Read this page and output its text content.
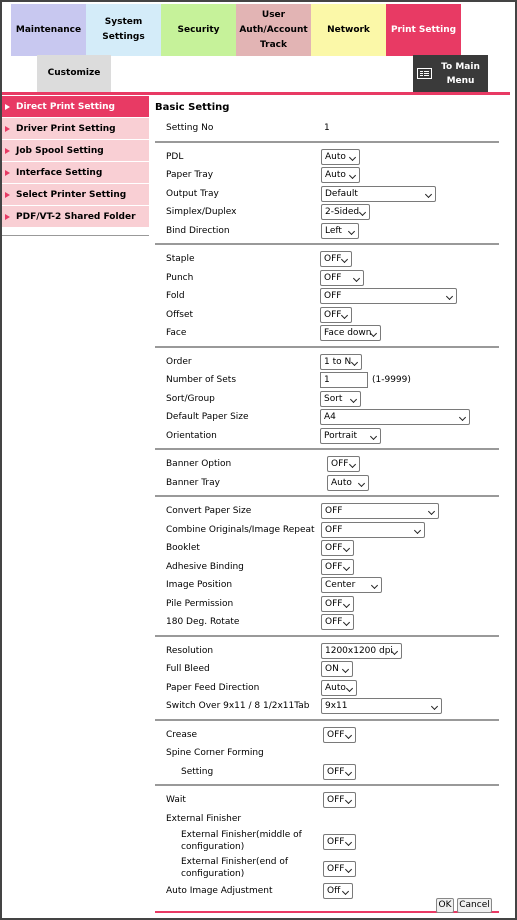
Maintenance
System Settings
Security
User Auth/Account Track
Network	Print Setting
Customize
To Main Menu
Direct Print Setting
Driver Print Setting
Job Spool Setting
Interface Setting
Select Printer Setting
PDF/VT-2 Shared Folder
Basic Setting
Setting No	1
PDL	Auto
Paper Tray	Auto
Output Tray	Default
Simplex/Duplex	2-Sided
Bind Direction	Left
Staple	OFF
Punch	OFF
Fold	OFF
Offset	OFF
Face	Face down
Order	1 to N
Number of Sets	1	(1-9999)
Sort/Group	Sort
Default Paper Size	A4
Orientation	Portrait
Banner Option	OFF
Banner Tray	Auto
Convert Paper Size	OFF
Combine Originals/Image Repeat	OFF
Booklet	OFF
Adhesive Binding	OFF
Image Position	Center
Pile Permission	OFF
180 Deg. Rotate	OFF
Resolution	1200x1200 dpi
Full Bleed	ON
Paper Feed Direction	Auto
Switch Over 9x11 / 8 1/2x11Tab	9x11
Crease	OFF
Spine Corner Forming
Setting	OFF
Wait	OFF
External Finisher
External Finisher(middle of configuration)	OFF
External Finisher(end of configuration)	OFF
Auto Image Adjustment	Off
OK Cancel
